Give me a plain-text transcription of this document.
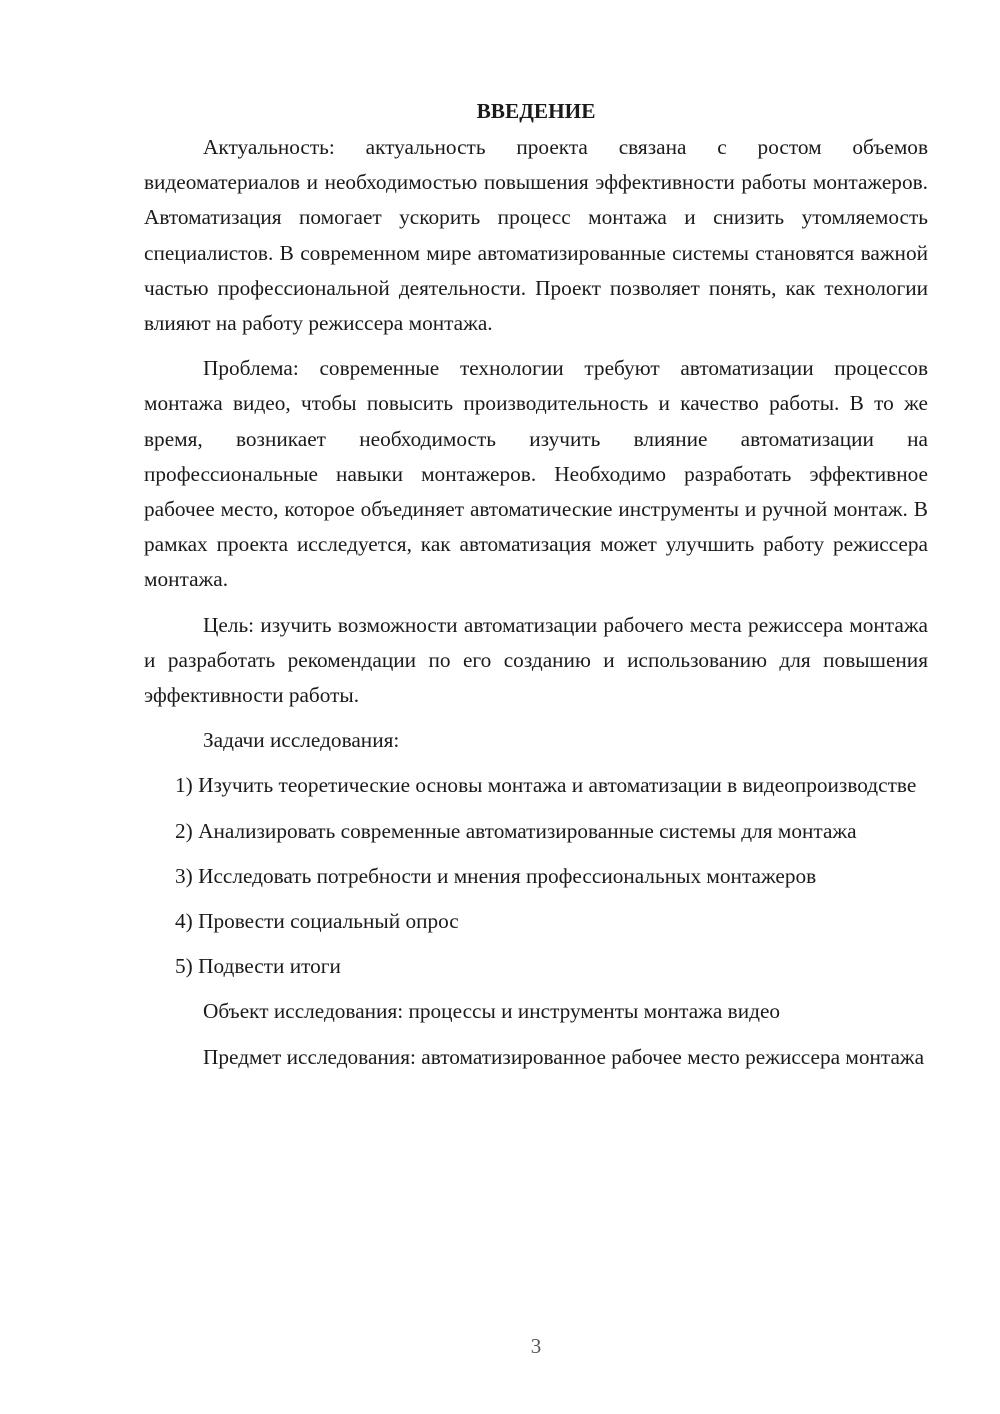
ВВЕДЕНИЕ

Актуальность: актуальность проекта связана с ростом объемов видеоматериалов и необходимостью повышения эффективности работы монтажеров. Автоматизация помогает ускорить процесс монтажа и снизить утомляемость специалистов. В современном мире автоматизированные системы становятся важной частью профессиональной деятельности. Проект позволяет понять, как технологии влияют на работу режиссера монтажа.

Проблема: современные технологии требуют автоматизации процессов монтажа видео, чтобы повысить производительность и качество работы. В то же время, возникает необходимость изучить влияние автоматизации на профессиональные навыки монтажеров. Необходимо разработать эффективное рабочее место, которое объединяет автоматические инструменты и ручной монтаж. В рамках проекта исследуется, как автоматизация может улучшить работу режиссера монтажа.

Цель: изучить возможности автоматизации рабочего места режиссера монтажа и разработать рекомендации по его созданию и использованию для повышения эффективности работы.

Задачи исследования:

1) Изучить теоретические основы монтажа и автоматизации в видеопроизводстве

2) Анализировать современные автоматизированные системы для монтажа

3) Исследовать потребности и мнения профессиональных монтажеров

4) Провести социальный опрос

5) Подвести итоги

Объект исследования: процессы и инструменты монтажа видео

Предмет исследования: автоматизированное рабочее место режиссера монтажа

3
